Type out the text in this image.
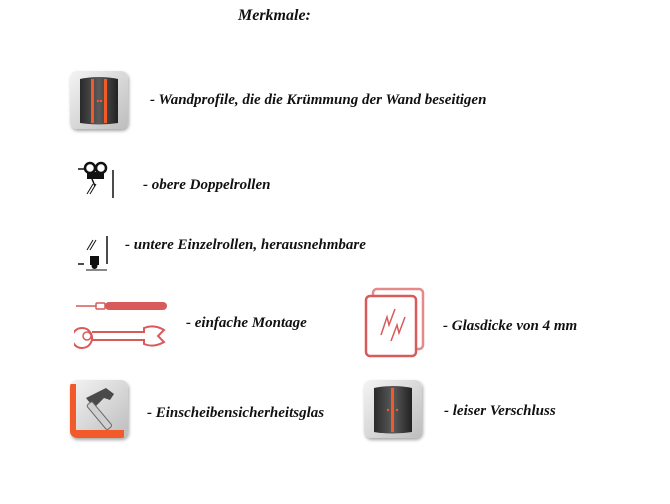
Merkmale:
- Wandprofile, die die Krümmung der Wand beseitigen
- obere Doppelrollen
- untere Einzelrollen, herausnehmbare
- einfache Montage	- Glasdicke von 4 mm
- Einscheibensicherheitsglas	- leiser Verschluss
